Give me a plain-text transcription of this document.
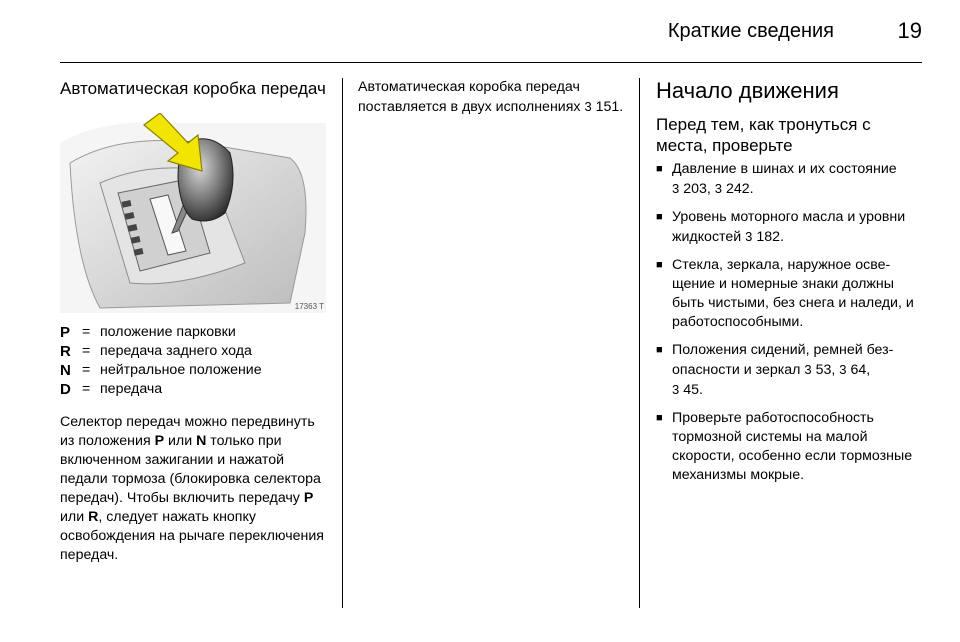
Краткие сведения	19
Автоматическая коробка передач
17363 T
P = положение парковки
R = передача заднего хода
N = нейтральное положение
D = передача

Селектор передач можно передвинуть из положения P или N только при включенном зажигании и нажатой педали тормоза (блокировка селектора передач). Чтобы включить передачу P или R, следует нажать кнопку освобождения на рычаге переключения передач.

Автоматическая коробка передач поставляется в двух исполнениях 3 151.

Начало движения
Перед тем, как тронуться с места, проверьте
■ Давление в шинах и их состояние
3 203, 3 242.
■ Уровень моторного масла и уровни жидкостей 3 182.
■ Стекла, зеркала, наружное освещение и номерные знаки должны быть чистыми, без снега и наледи, и работоспособными.
■ Положения сидений, ремней безопасности и зеркал 3 53, 3 64,
3 45.
■ Проверьте работоспособность тормозной системы на малой скорости, особенно если тормозные механизмы мокрые.
